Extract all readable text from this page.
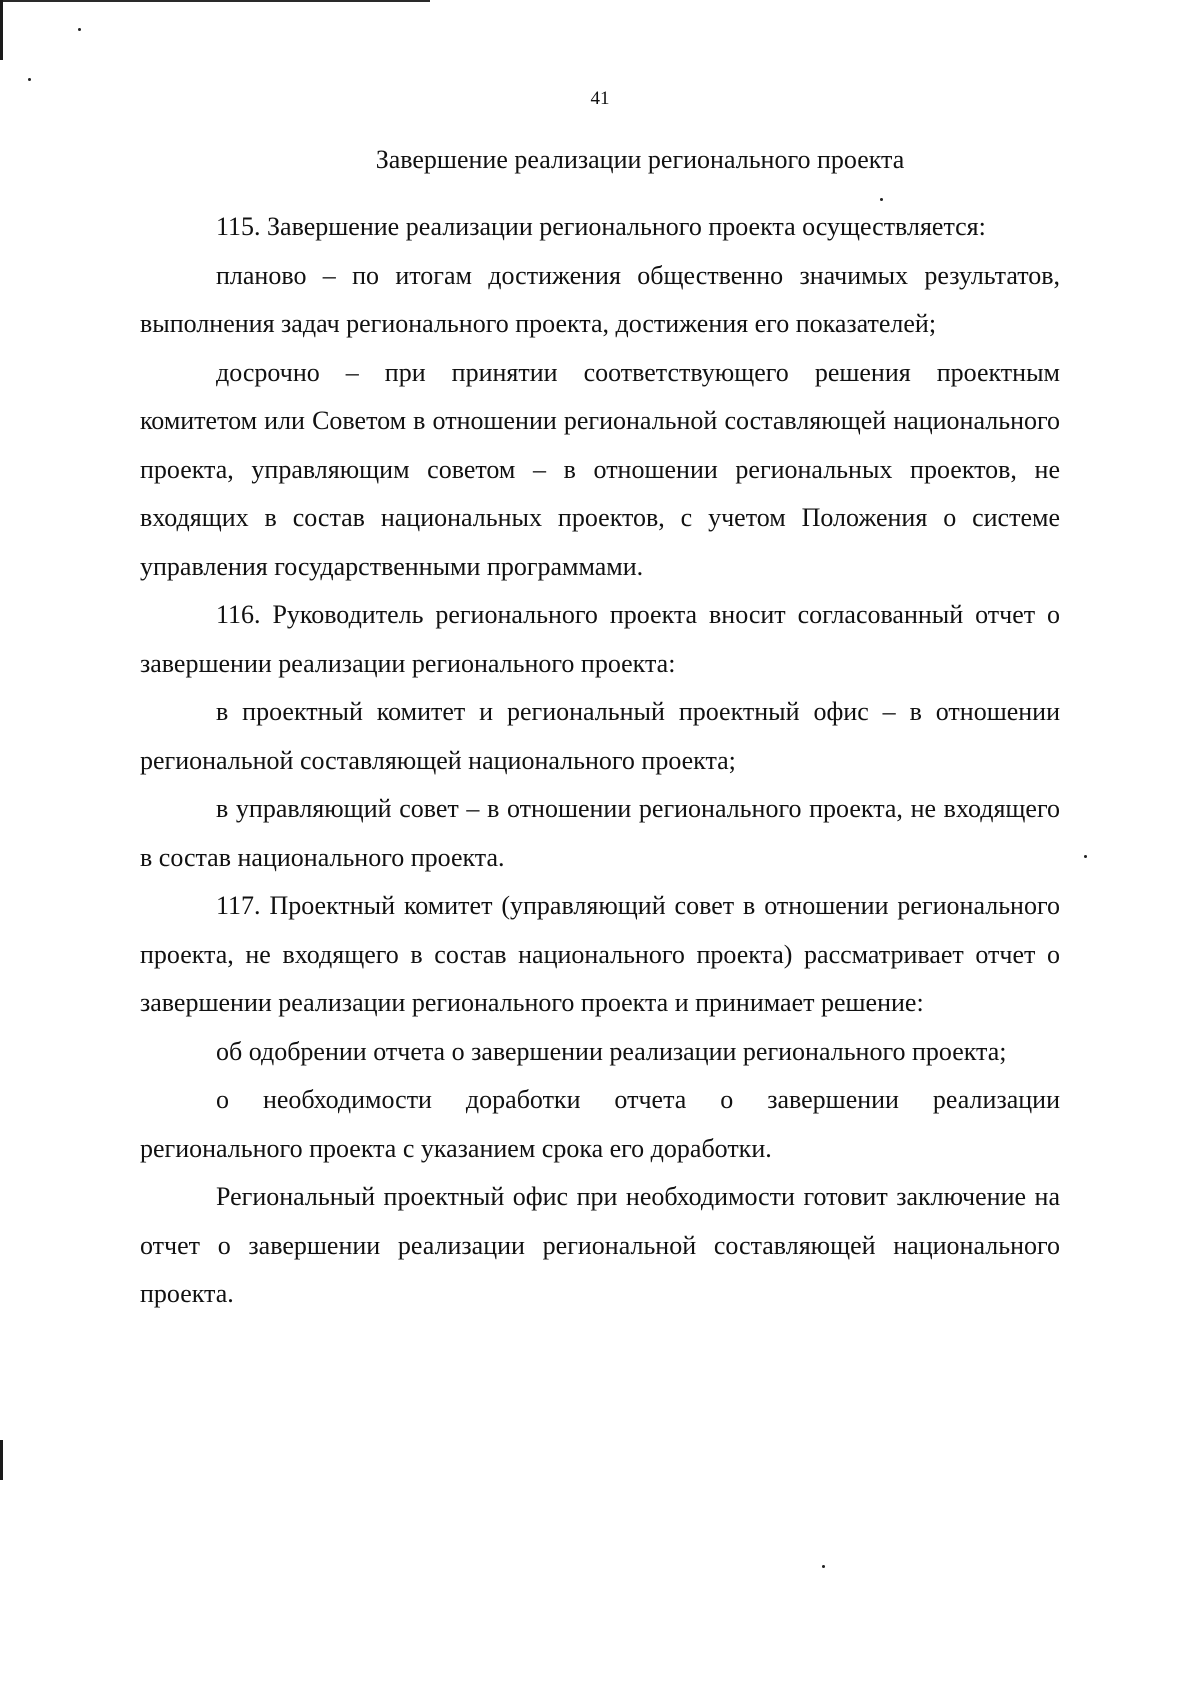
41
Завершение реализации регионального проекта

115. Завершение реализации регионального проекта осуществляется:

планово – по итогам достижения общественно значимых результатов, выполнения задач регионального проекта, достижения его показателей;

досрочно – при принятии соответствующего решения проектным комитетом или Советом в отношении региональной составляющей национального проекта, управляющим советом – в отношении региональных проектов, не входящих в состав национальных проектов, с учетом Положения о системе управления государственными программами.

116. Руководитель регионального проекта вносит согласованный отчет о завершении реализации регионального проекта:

в проектный комитет и региональный проектный офис – в отношении региональной составляющей национального проекта;

в управляющий совет – в отношении регионального проекта, не входящего в состав национального проекта.

117. Проектный комитет (управляющий совет в отношении регионального проекта, не входящего в состав национального проекта) рассматривает отчет о завершении реализации регионального проекта и принимает решение:

об одобрении отчета о завершении реализации регионального проекта;

о необходимости доработки отчета о завершении реализации регионального проекта с указанием срока его доработки.

Региональный проектный офис при необходимости готовит заключение на отчет о завершении реализации региональной составляющей национального проекта.
